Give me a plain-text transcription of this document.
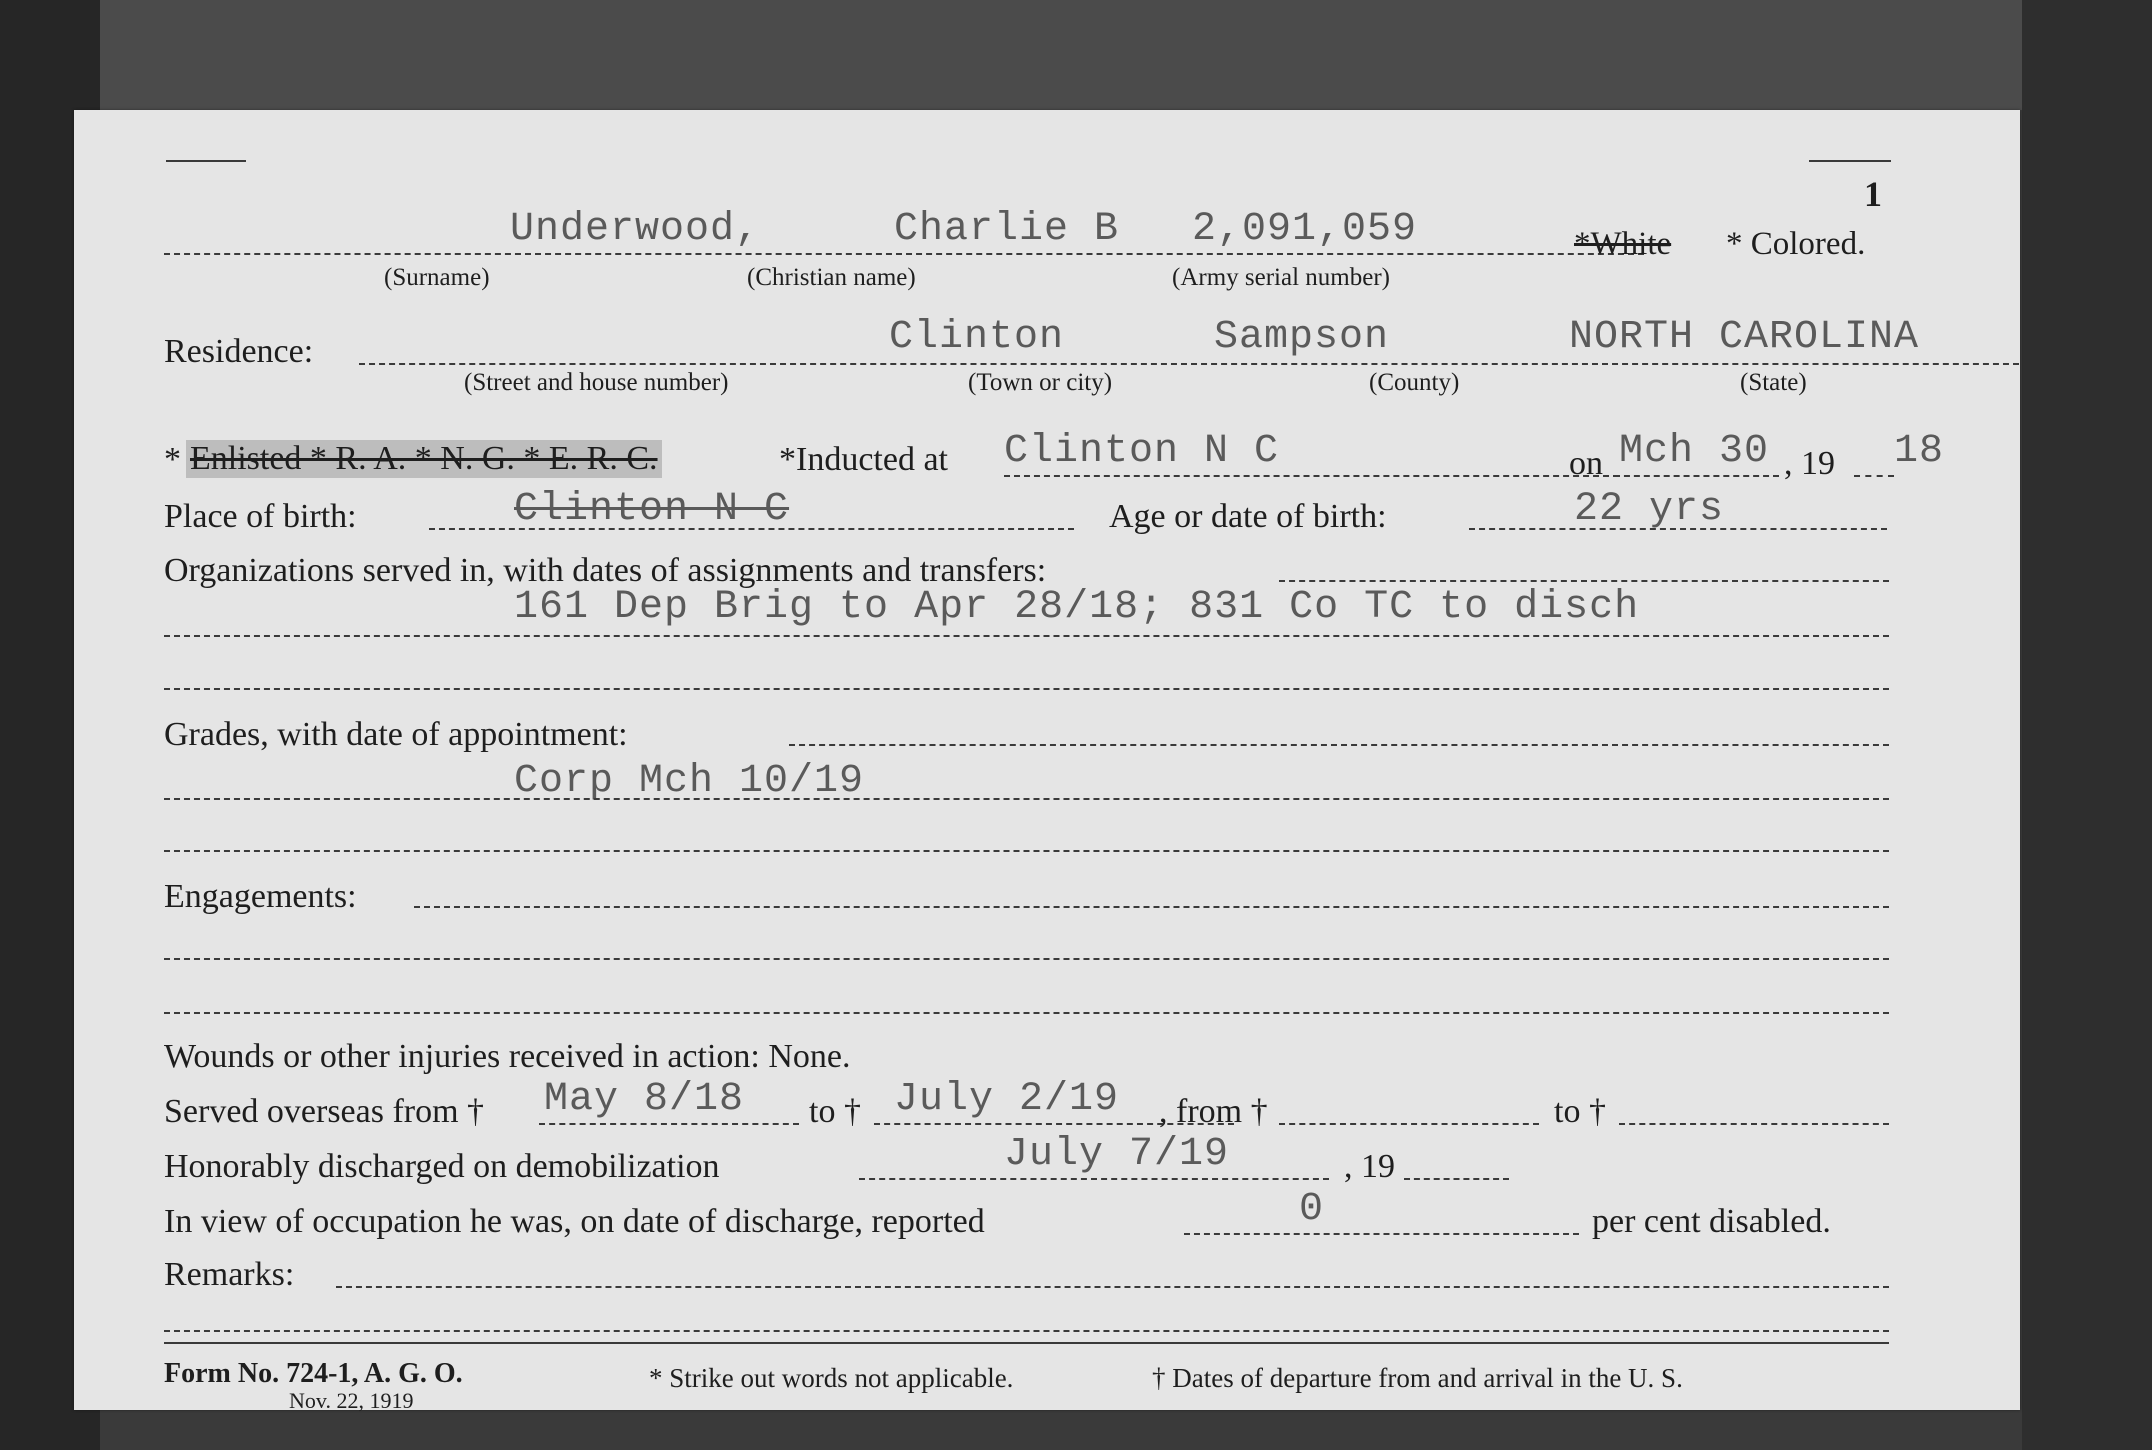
1
Underwood,	Charlie B 2,091,059	*White * Colored.
(Surname)	(Christian name)	(Army serial number)
Residence:	Clinton	Sampson	NORTH CAROLINA
(Street and house number)	(Town or city)	(County)	(State)
* Enlisted * R. A. * N. G. * E. R. C.	*Inducted at Clinton N C	on Mch 30 , 19 18
Place of birth:	Clinton N C	Age or date of birth:	22 yrs
Organizations served in, with dates of assignments and transfers:
161 Dep Brig to Apr 28/18; 831 Co TC to disch
Grades, with date of appointment:
Corp Mch 10/19
Engagements:
Wounds or other injuries received in action: None.
Served overseas from † May 8/18 to † July 2/19 , from †	to †
Honorably discharged on demobilization	July 7/19	, 19
In view of occupation he was, on date of discharge, reported	0	per cent disabled.
Remarks:
Form No. 724-1, A. G. O.
Nov. 22, 1919
* Strike out words not applicable.	† Dates of departure from and arrival in the U. S.
